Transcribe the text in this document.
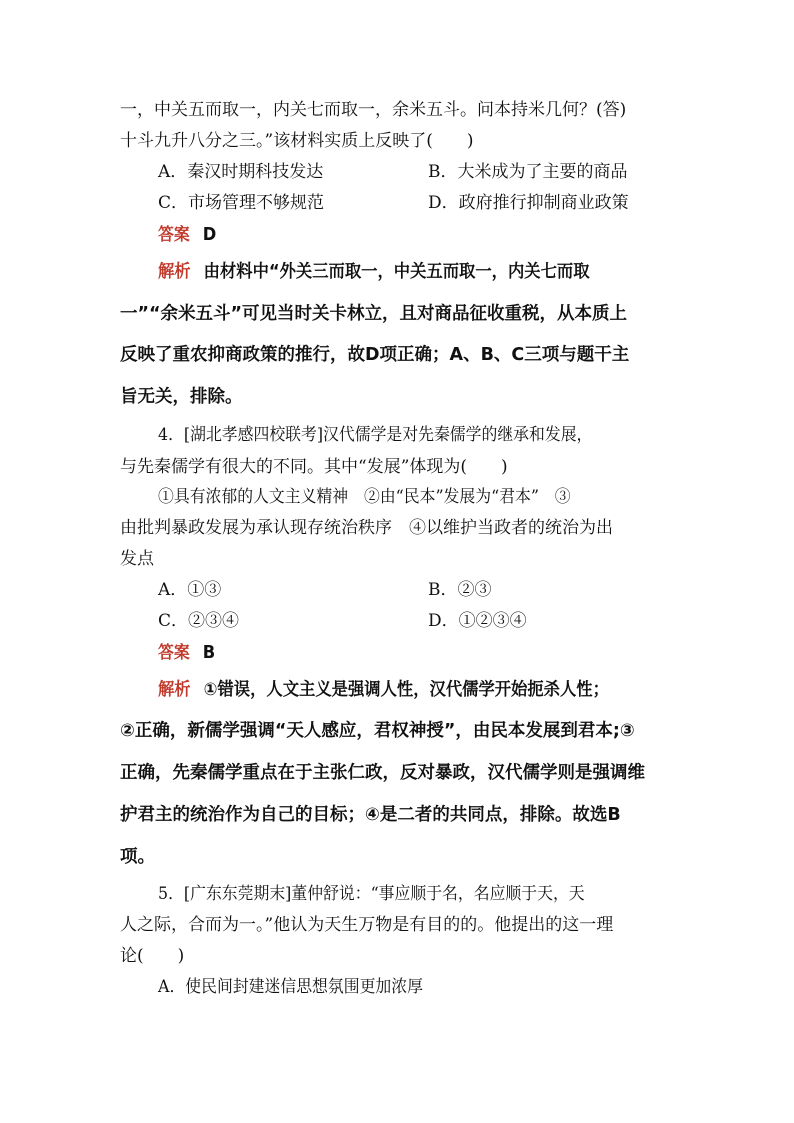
一，中关五而取一，内关七而取一，余米五斗。问本持米几何？(答)
十斗九升八分之三。”该材料实质上反映了(　　)
A．秦汉时期科技发达	B．大米成为了主要的商品
C．市场管理不够规范	D．政府推行抑制商业政策
答案 D
解析 由材料中“外关三而取一，中关五而取一，内关七而取
一”“余米五斗”可见当时关卡林立，且对商品征收重税，从本质上
反映了重农抑商政策的推行，故D项正确；A、B、C三项与题干主
旨无关，排除。
4．[湖北孝感四校联考]汉代儒学是对先秦儒学的继承和发展，
与先秦儒学有很大的不同。其中“发展”体现为(　　)
①具有浓郁的人文主义精神　②由“民本”发展为“君本”　③
由批判暴政发展为承认现存统治秩序　④以维护当政者的统治为出
发点
A．①③	B．②③
C．②③④	D．①②③④
答案 B
解析 ①错误，人文主义是强调人性，汉代儒学开始扼杀人性；
②正确，新儒学强调“天人感应，君权神授”，由民本发展到君本;③
正确，先秦儒学重点在于主张仁政，反对暴政，汉代儒学则是强调维
护君主的统治作为自己的目标；④是二者的共同点，排除。故选B
项。
5．[广东东莞期末]董仲舒说：“事应顺于名，名应顺于天，天
人之际，合而为一。”他认为天生万物是有目的的。他提出的这一理
论(　　)
A．使民间封建迷信思想氛围更加浓厚
